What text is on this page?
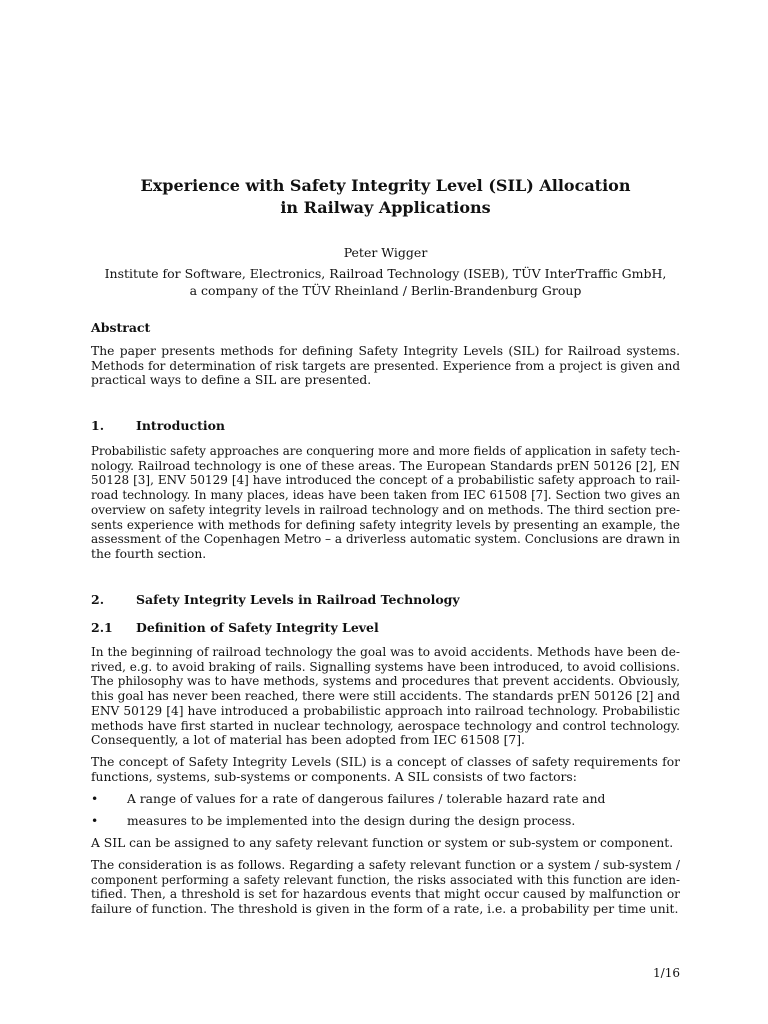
Experience with Safety Integrity Level (SIL) Allocation
in Railway Applications
Peter Wigger
Institute for Software, Electronics, Railroad Technology (ISEB), TÜV InterTraffic GmbH,
a company of the TÜV Rheinland / Berlin-Brandenburg Group
Abstract
The paper presents methods for defining Safety Integrity Levels (SIL) for Railroad systems.
Methods for determination of risk targets are presented. Experience from a project is given and
practical ways to define a SIL are presented.
1.	Introduction
Probabilistic safety approaches are conquering more and more fields of application in safety tech-
nology. Railroad technology is one of these areas. The European Standards prEN 50126 [2], EN
50128 [3], ENV 50129 [4] have introduced the concept of a probabilistic safety approach to rail-
road technology. In many places, ideas have been taken from IEC 61508 [7]. Section two gives an
overview on safety integrity levels in railroad technology and on methods. The third section pre-
sents experience with methods for defining safety integrity levels by presenting an example, the
assessment of the Copenhagen Metro – a driverless automatic system. Conclusions are drawn in
the fourth section.
2.	Safety Integrity Levels in Railroad Technology
2.1 Definition of Safety Integrity Level
In the beginning of railroad technology the goal was to avoid accidents. Methods have been de-
rived, e.g. to avoid braking of rails. Signalling systems have been introduced, to avoid collisions.
The philosophy was to have methods, systems and procedures that prevent accidents. Obviously,
this goal has never been reached, there were still accidents. The standards prEN 50126 [2] and
ENV 50129 [4] have introduced a probabilistic approach into railroad technology. Probabilistic
methods have first started in nuclear technology, aerospace technology and control technology.
Consequently, a lot of material has been adopted from IEC 61508 [7].
The concept of Safety Integrity Levels (SIL) is a concept of classes of safety requirements for
functions, systems, sub-systems or components. A SIL consists of two factors:
• A range of values for a rate of dangerous failures / tolerable hazard rate and
• measures to be implemented into the design during the design process.
A SIL can be assigned to any safety relevant function or system or sub-system or component.
The consideration is as follows. Regarding a safety relevant function or a system / sub-system /
component performing a safety relevant function, the risks associated with this function are iden-
tified. Then, a threshold is set for hazardous events that might occur caused by malfunction or
failure of function. The threshold is given in the form of a rate, i.e. a probability per time unit.
1/16
